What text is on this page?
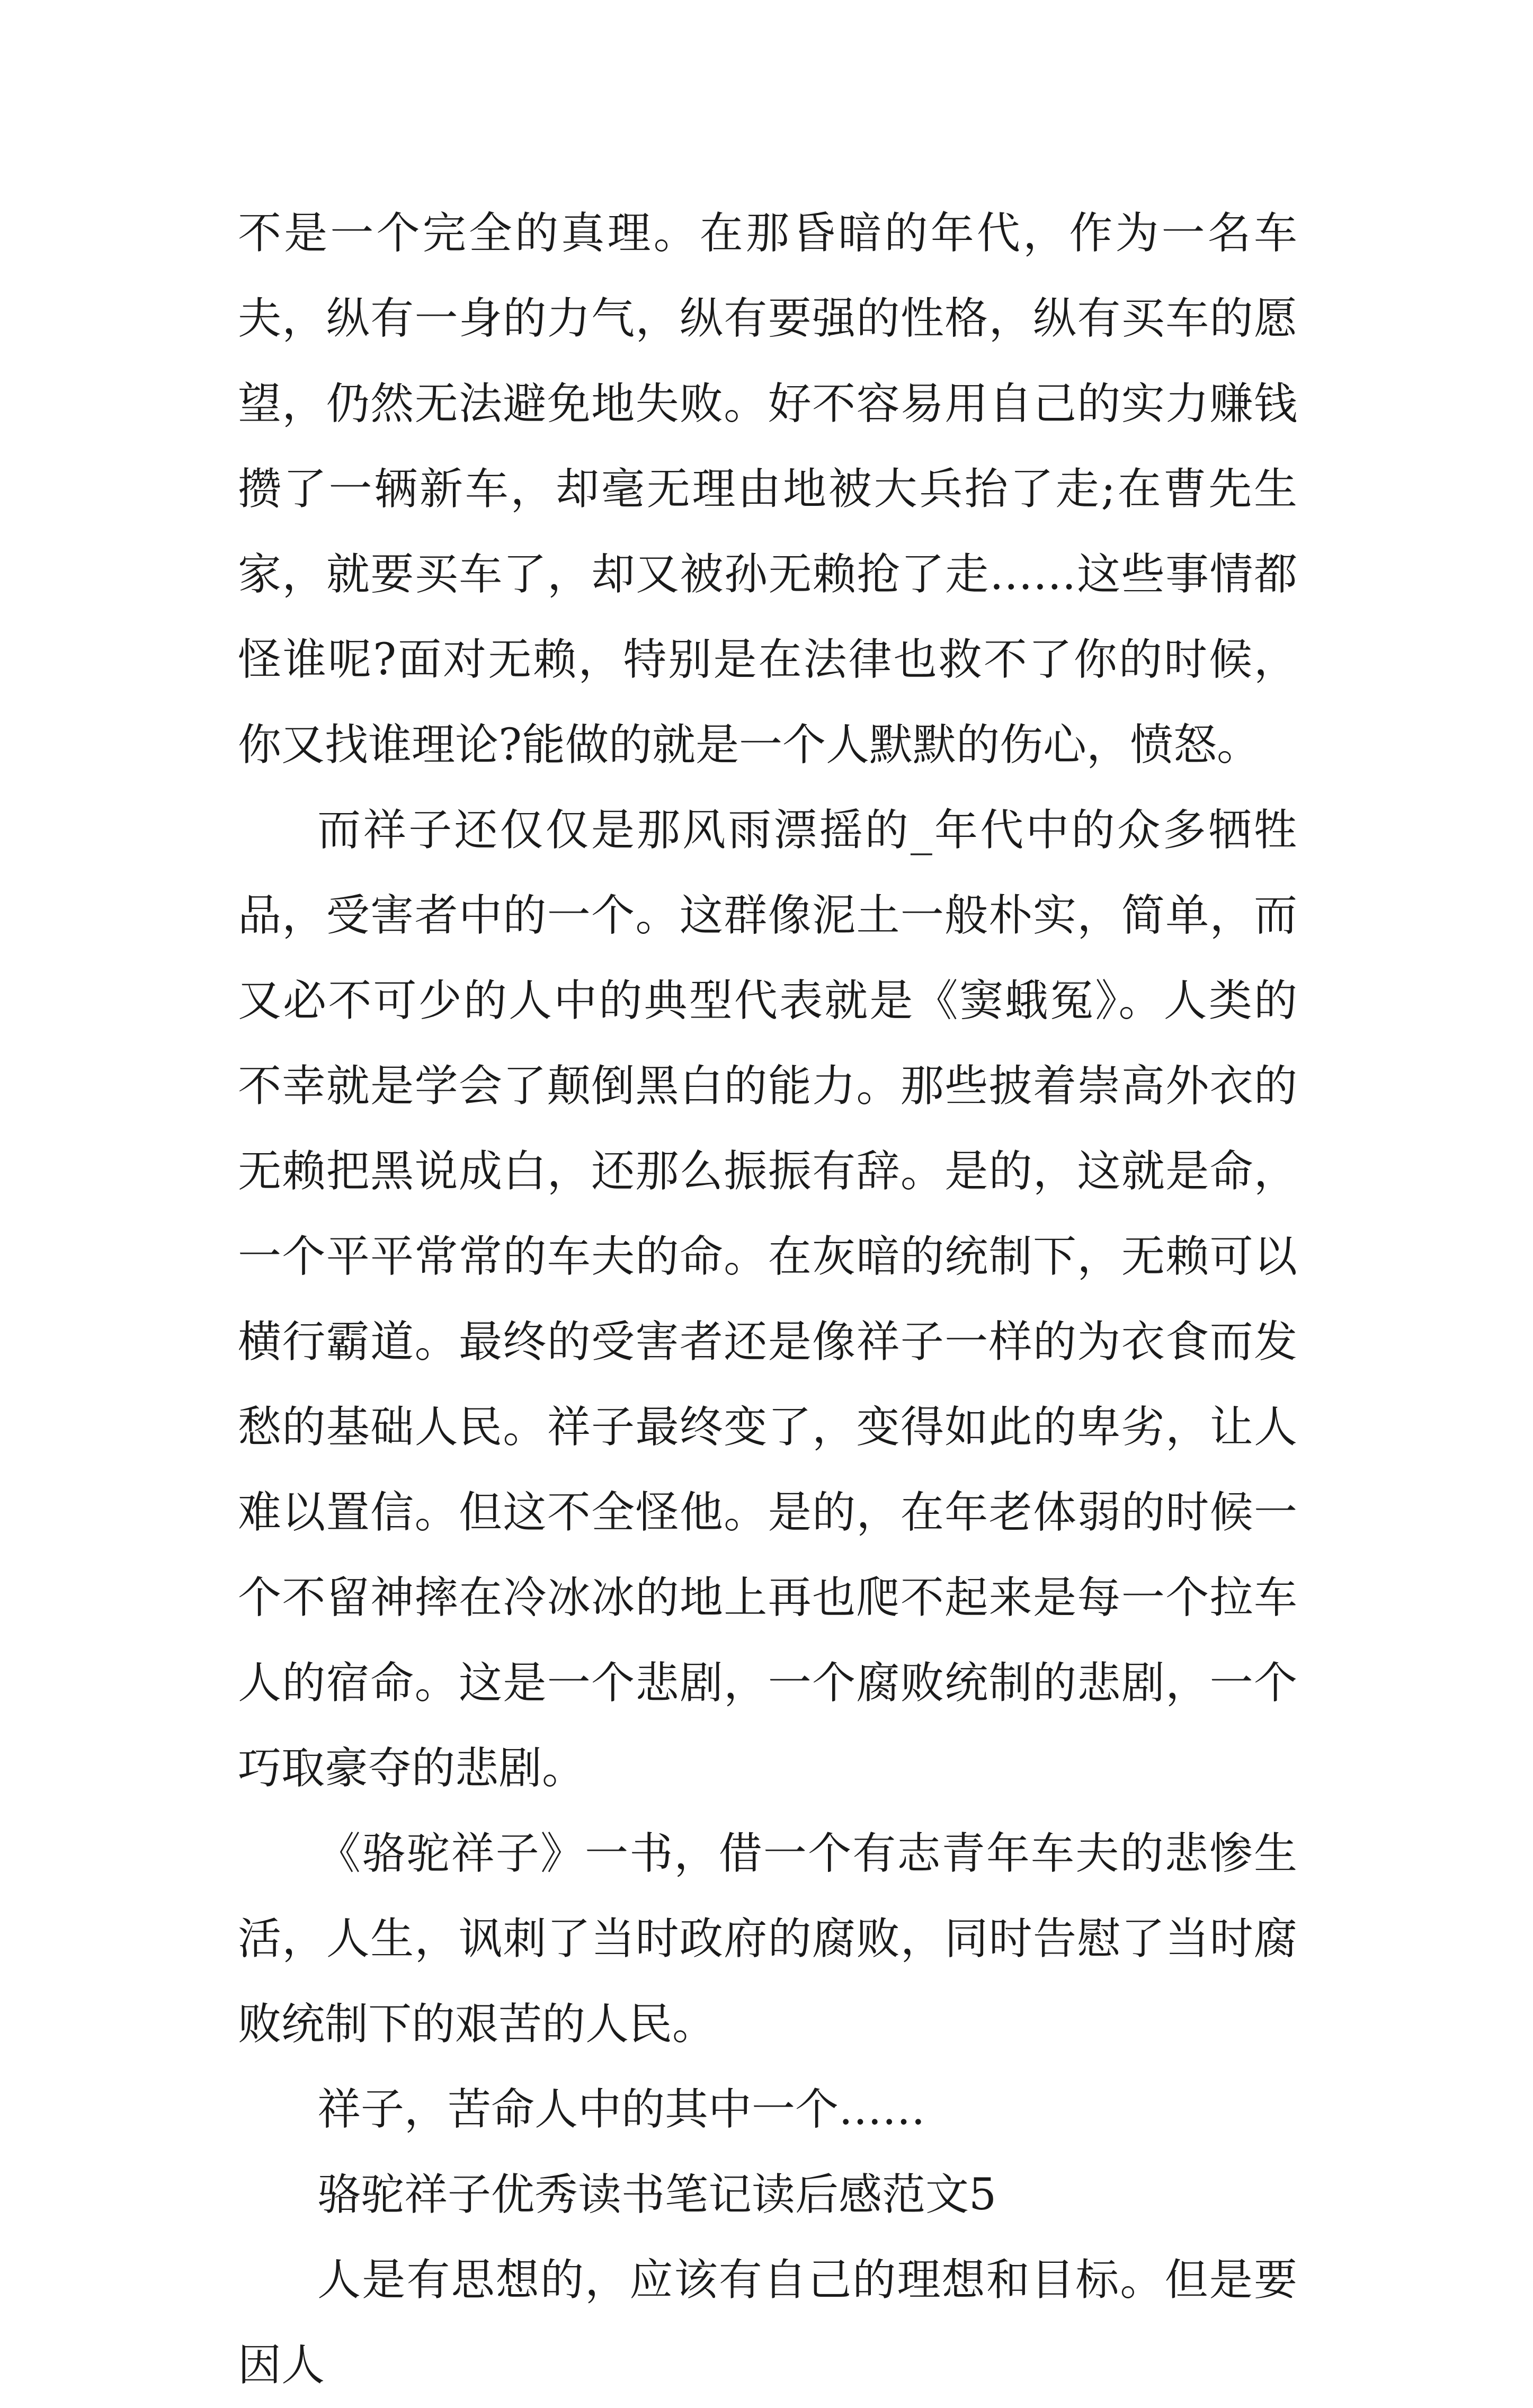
不是一个完全的真理。在那昏暗的年代，作为一名车夫，纵有一身的力气，纵有要强的性格，纵有买车的愿望，仍然无法避免地失败。好不容易用自己的实力赚钱攒了一辆新车，却毫无理由地被大兵抬了走;在曹先生家，就要买车了，却又被孙无赖抢了走……这些事情都怪谁呢?面对无赖，特别是在法律也救不了你的时候，你又找谁理论?能做的就是一个人默默的伤心，愤怒。

而祥子还仅仅是那风雨漂摇的_年代中的众多牺牲品，受害者中的一个。这群像泥土一般朴实，简单，而又必不可少的人中的典型代表就是《窦蛾冤》。人类的不幸就是学会了颠倒黑白的能力。那些披着崇高外衣的无赖把黑说成白，还那么振振有辞。是的，这就是命，一个平平常常的车夫的命。在灰暗的统制下，无赖可以横行霸道。最终的受害者还是像祥子一样的为衣食而发愁的基础人民。祥子最终变了，变得如此的卑劣，让人难以置信。但这不全怪他。是的，在年老体弱的时候一个不留神摔在冷冰冰的地上再也爬不起来是每一个拉车人的宿命。这是一个悲剧，一个腐败统制的悲剧，一个巧取豪夺的悲剧。

《骆驼祥子》一书，借一个有志青年车夫的悲惨生活，人生，讽刺了当时政府的腐败，同时告慰了当时腐败统制下的艰苦的人民。

祥子，苦命人中的其中一个……

骆驼祥子优秀读书笔记读后感范文5

人是有思想的，应该有自己的理想和目标。但是要因人
